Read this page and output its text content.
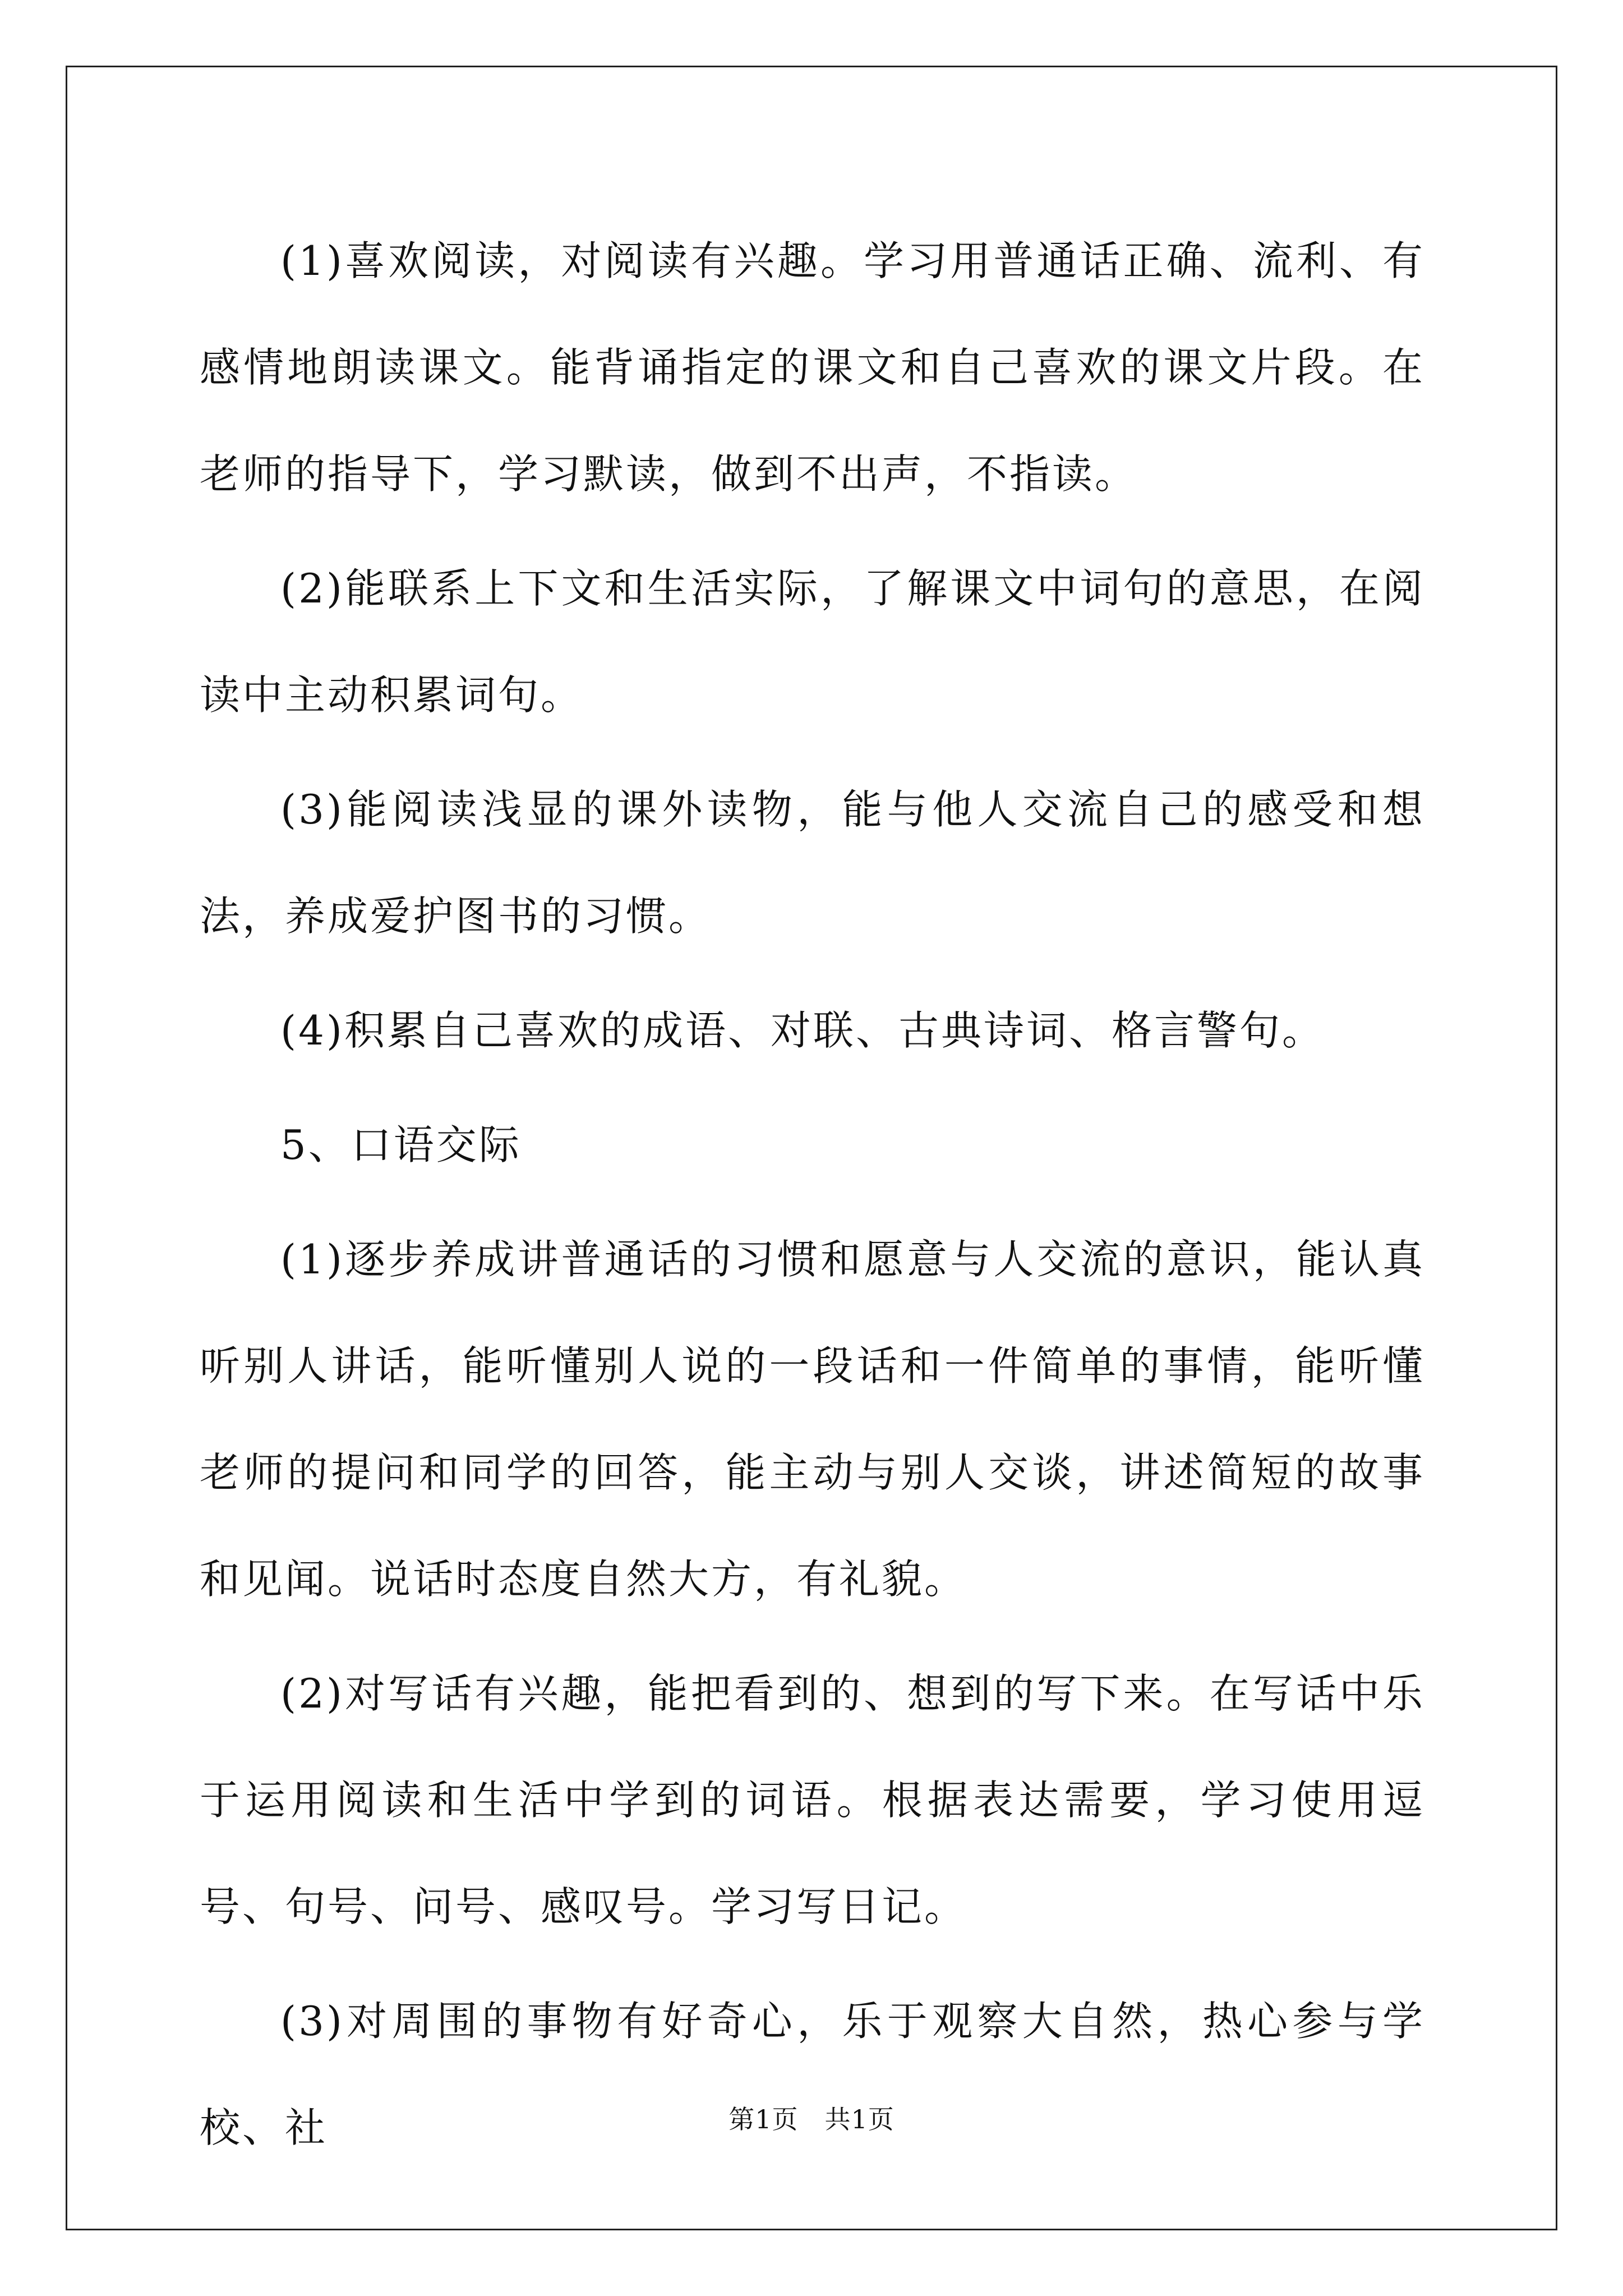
(1)喜欢阅读，对阅读有兴趣。学习用普通话正确、流利、有感情地朗读课文。能背诵指定的课文和自己喜欢的课文片段。在老师的指导下，学习默读，做到不出声，不指读。

(2)能联系上下文和生活实际，了解课文中词句的意思，在阅读中主动积累词句。

(3)能阅读浅显的课外读物，能与他人交流自己的感受和想法，养成爱护图书的习惯。

(4)积累自己喜欢的成语、对联、古典诗词、格言警句。

5、口语交际

(1)逐步养成讲普通话的习惯和愿意与人交流的意识，能认真听别人讲话，能听懂别人说的一段话和一件简单的事情，能听懂老师的提问和同学的回答，能主动与别人交谈，讲述简短的故事和见闻。说话时态度自然大方，有礼貌。

(2)对写话有兴趣，能把看到的、想到的写下来。在写话中乐于运用阅读和生活中学到的词语。根据表达需要，学习使用逗号、句号、问号、感叹号。学习写日记。

(3)对周围的事物有好奇心，乐于观察大自然，热心参与学校、社	第1页　共1页
